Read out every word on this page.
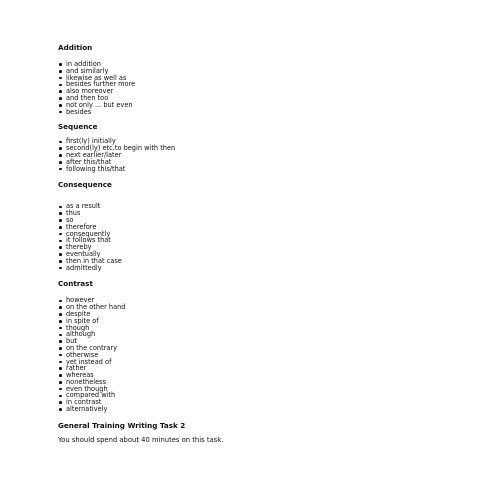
Addition
in addition
and similarly
likewise as well as
besides further more
also moreover
and then too
not only ... but even
besides
Sequence
first(ly) initially
second(ly) etc.to begin with then
next earlier/later
after this/that
following this/that
Consequence
as a result
thus
so
therefore
consequently
it follows that
thereby
eventually
then in that case
admittedly
Contrast
however
on the other hand
despite
in spite of
though
although
but
on the contrary
otherwise
yet instead of
rather
whereas
nonetheless
even though
compared with
in contrast
alternatively
General Training Writing Task 2

You should spend about 40 minutes on this task.
